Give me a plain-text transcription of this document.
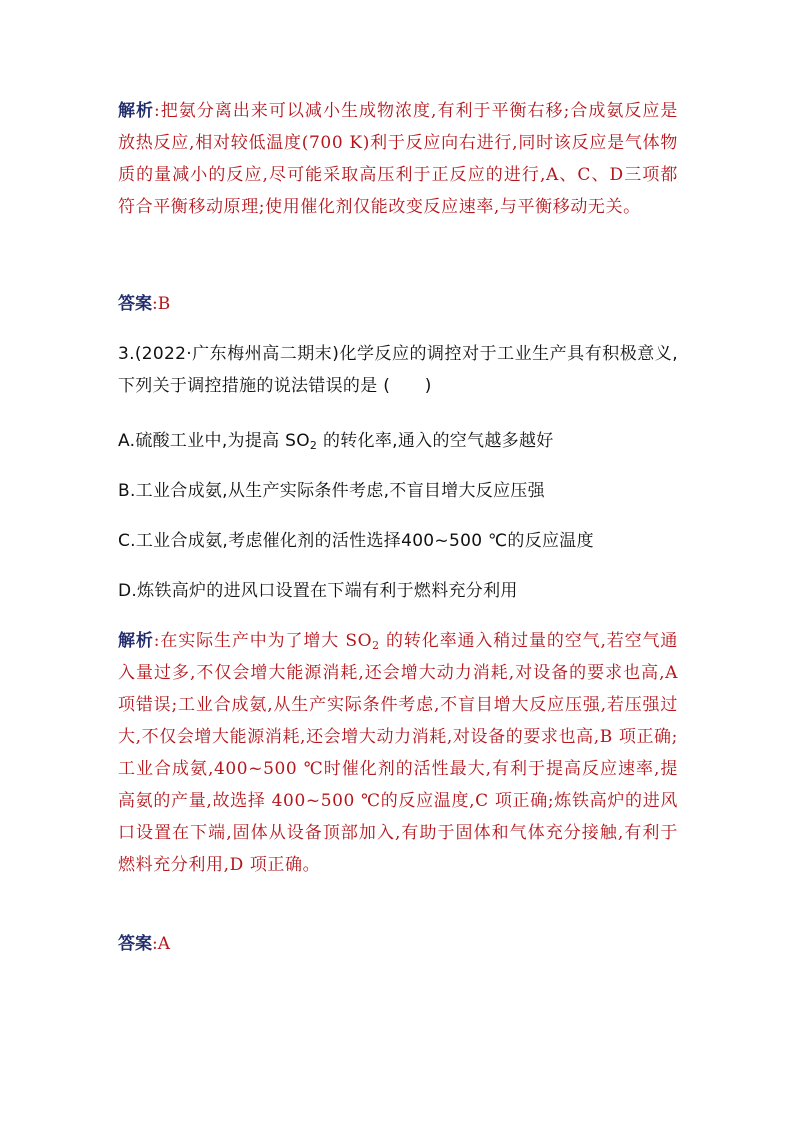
解析:把氨分离出来可以减小生成物浓度,有利于平衡右移;合成氨反应是放热反应,相对较低温度(700 K)利于反应向右进行,同时该反应是气体物质的量减小的反应,尽可能采取高压利于正反应的进行,A、C、D三项都符合平衡移动原理;使用催化剂仅能改变反应速率,与平衡移动无关。
答案:B
3.(2022·广东梅州高二期末)化学反应的调控对于工业生产具有积极意义,下列关于调控措施的说法错误的是 (　　)
A.硫酸工业中,为提高 $SO_2$ 的转化率,通入的空气越多越好
B.工业合成氨,从生产实际条件考虑,不盲目增大反应压强
C.工业合成氨,考虑催化剂的活性选择400~500 ℃的反应温度
D.炼铁高炉的进风口设置在下端有利于燃料充分利用
解析:在实际生产中为了增大 $SO_2$ 的转化率通入稍过量的空气,若空气通入量过多,不仅会增大能源消耗,还会增大动力消耗,对设备的要求也高,A 项错误;工业合成氨,从生产实际条件考虑,不盲目增大反应压强,若压强过大,不仅会增大能源消耗,还会增大动力消耗,对设备的要求也高,B 项正确;工业合成氨,400~500 ℃时催化剂的活性最大,有利于提高反应速率,提高氨的产量,故选择 400~500 ℃的反应温度,C 项正确;炼铁高炉的进风口设置在下端,固体从设备顶部加入,有助于固体和气体充分接触,有利于燃料充分利用,D 项正确。
答案:A
